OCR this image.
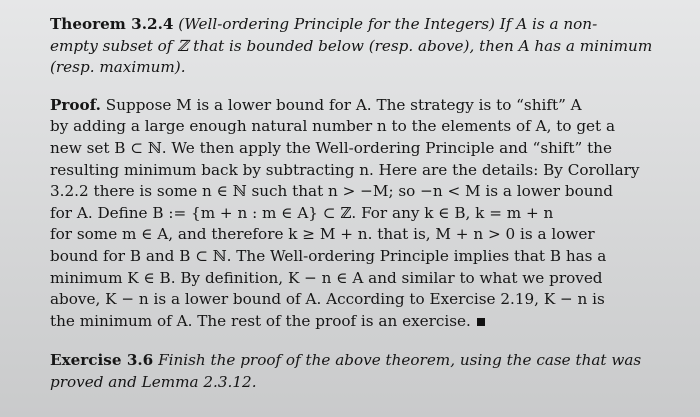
Theorem 3.2.4 (Well-ordering Principle for the Integers) If A is a non-
empty subset of ℤ that is bounded below (resp. above), then A has a minimum
(resp. maximum).
Proof. Suppose M is a lower bound for A. The strategy is to “shift” A
by adding a large enough natural number n to the elements of A, to get a
new set B ⊂ ℕ. We then apply the Well-ordering Principle and “shift” the
resulting minimum back by subtracting n. Here are the details: By Corollary
3.2.2 there is some n ∈ ℕ such that n > −M; so −n < M is a lower bound
for A. Define B := {m + n : m ∈ A} ⊂ ℤ. For any k ∈ B, k = m + n
for some m ∈ A, and therefore k ≥ M + n. that is, M + n > 0 is a lower
bound for B and B ⊂ ℕ. The Well-ordering Principle implies that B has a
minimum K ∈ B. By definition, K − n ∈ A and similar to what we proved
above, K − n is a lower bound of A. According to Exercise 2.19, K − n is
the minimum of A. The rest of the proof is an exercise.
Exercise 3.6 Finish the proof of the above theorem, using the case that was
proved and Lemma 2.3.12.
